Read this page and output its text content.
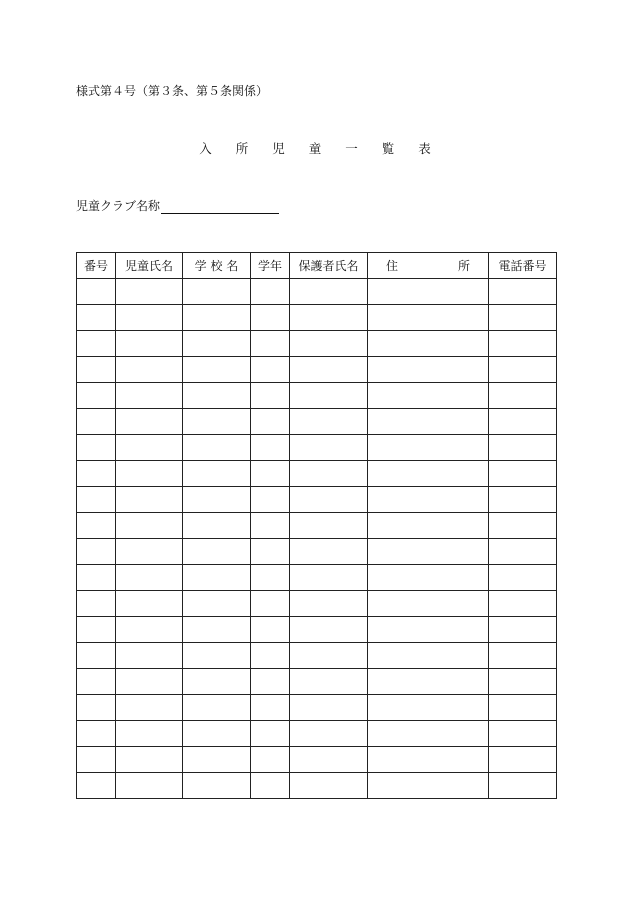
様式第４号（第３条、第５条関係）
入 所 児 童 一 覧 表
児童クラブ名称
番号	児童氏名	学 校 名	学年	保護者氏名	住 所	電話番号
